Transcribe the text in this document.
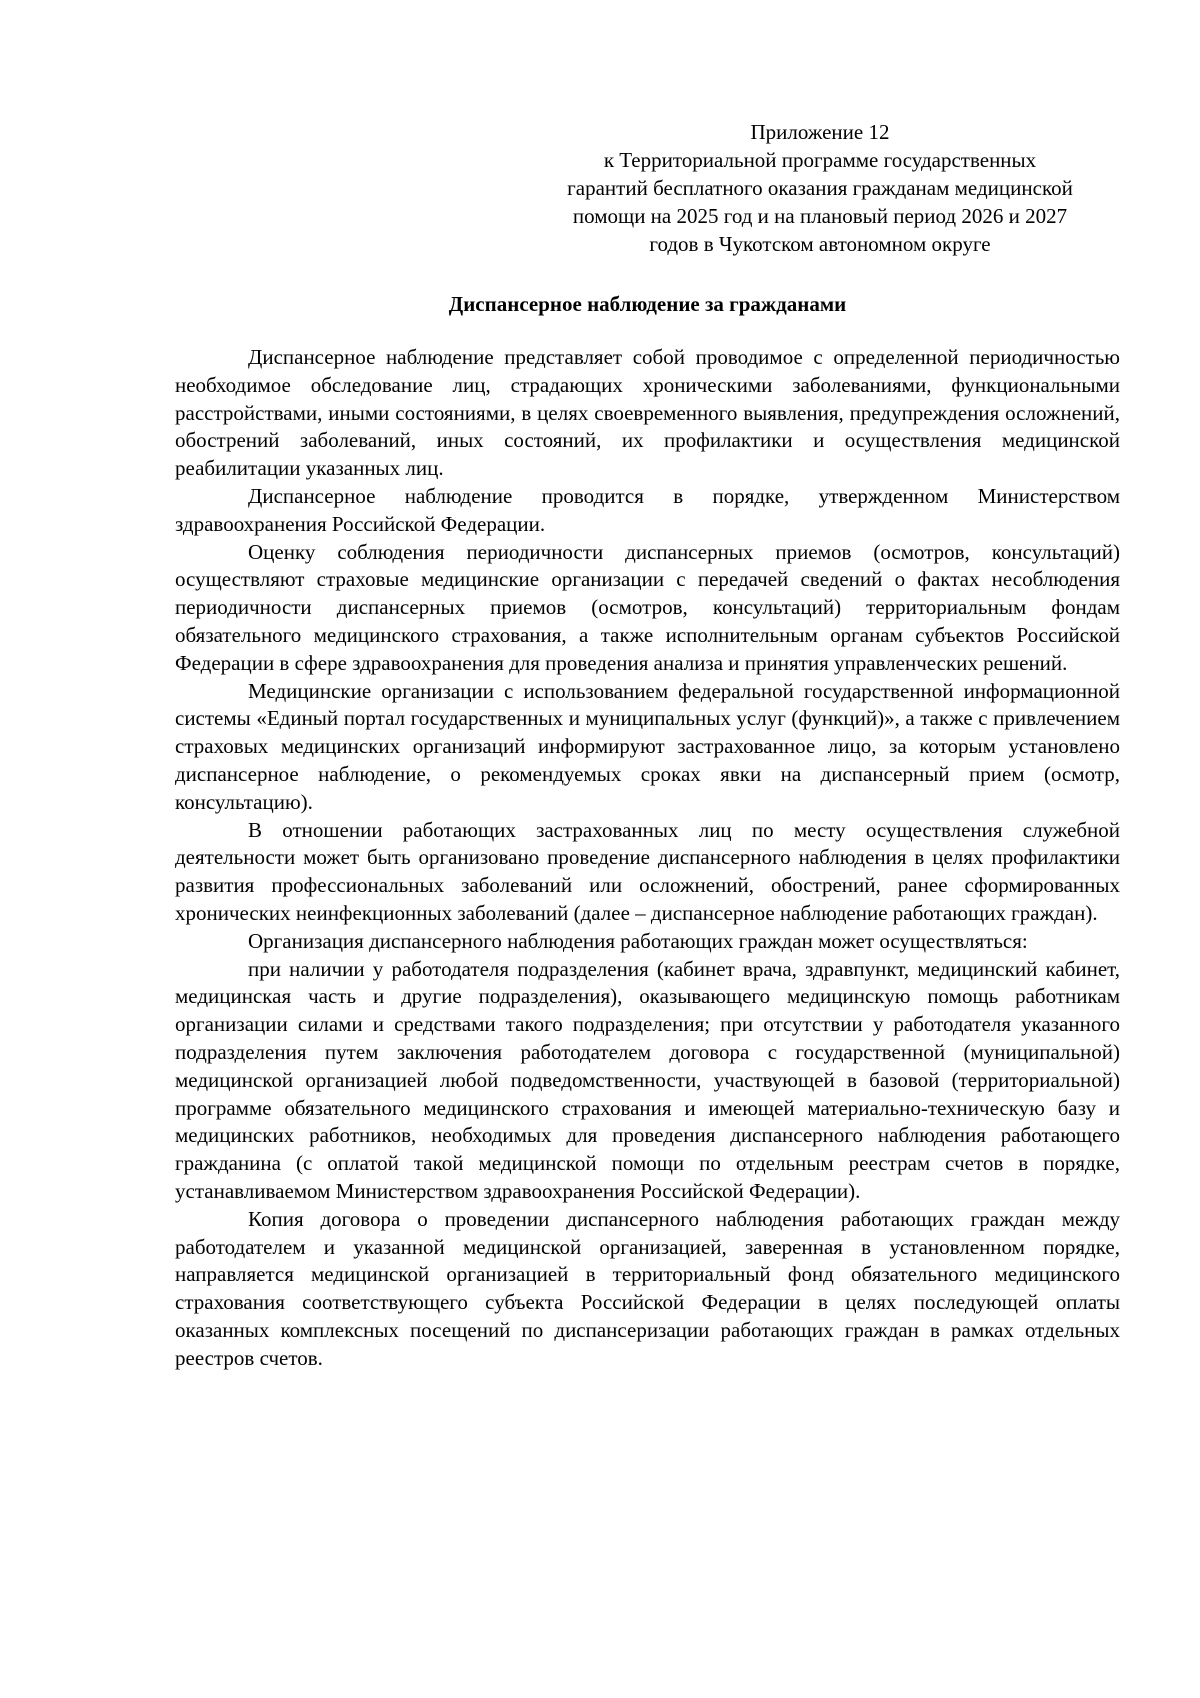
Приложение 12
к Территориальной программе государственных
гарантий бесплатного оказания гражданам медицинской
помощи на 2025 год и на плановый период 2026 и 2027
годов в Чукотском автономном округе
Диспансерное наблюдение за гражданами

Диспансерное наблюдение представляет собой проводимое с определенной периодичностью необходимое обследование лиц, страдающих хроническими заболеваниями, функциональными расстройствами, иными состояниями, в целях своевременного выявления, предупреждения осложнений, обострений заболеваний, иных состояний, их профилактики и осуществления медицинской реабилитации указанных лиц.

Диспансерное наблюдение проводится в порядке, утвержденном Министерством здравоохранения Российской Федерации.

Оценку соблюдения периодичности диспансерных приемов (осмотров, консультаций) осуществляют страховые медицинские организации с передачей сведений о фактах несоблюдения периодичности диспансерных приемов (осмотров, консультаций) территориальным фондам обязательного медицинского страхования, а также исполнительным органам субъектов Российской Федерации в сфере здравоохранения для проведения анализа и принятия управленческих решений.

Медицинские организации с использованием федеральной государственной информационной системы «Единый портал государственных и муниципальных услуг (функций)», а также с привлечением страховых медицинских организаций информируют застрахованное лицо, за которым установлено диспансерное наблюдение, о рекомендуемых сроках явки на диспансерный прием (осмотр, консультацию).

В отношении работающих застрахованных лиц по месту осуществления служебной деятельности может быть организовано проведение диспансерного наблюдения в целях профилактики развития профессиональных заболеваний или осложнений, обострений, ранее сформированных хронических неинфекционных заболеваний (далее – диспансерное наблюдение работающих граждан).

Организация диспансерного наблюдения работающих граждан может осуществляться:

при наличии у работодателя подразделения (кабинет врача, здравпункт, медицинский кабинет, медицинская часть и другие подразделения), оказывающего медицинскую помощь работникам организации силами и средствами такого подразделения; при отсутствии у работодателя указанного подразделения путем заключения работодателем договора с государственной (муниципальной) медицинской организацией любой подведомственности, участвующей в базовой (территориальной) программе обязательного медицинского страхования и имеющей материально-техническую базу и медицинских работников, необходимых для проведения диспансерного наблюдения работающего гражданина (с оплатой такой медицинской помощи по отдельным реестрам счетов в порядке, устанавливаемом Министерством здравоохранения Российской Федерации).

Копия договора о проведении диспансерного наблюдения работающих граждан между работодателем и указанной медицинской организацией, заверенная в установленном порядке, направляется медицинской организацией в территориальный фонд обязательного медицинского страхования соответствующего субъекта Российской Федерации в целях последующей оплаты оказанных комплексных посещений по диспансеризации работающих граждан в рамках отдельных реестров счетов.
